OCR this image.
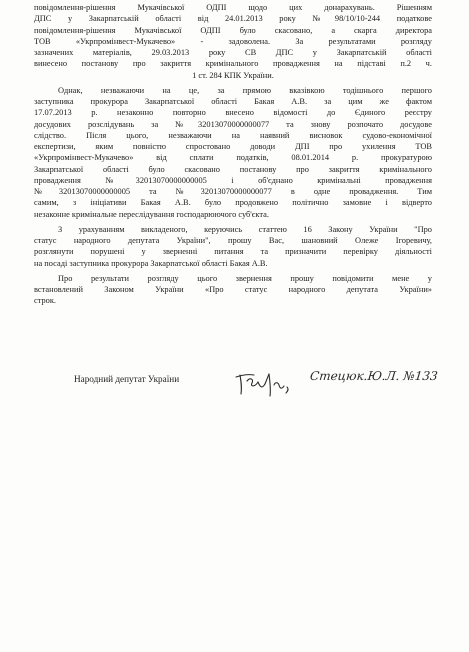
повідомлення-рішення Мукачівської ОДПІ щодо цих донарахувань. Рішенням
ДПС у Закарпатській області від 24.01.2013 року №98/10/10-244 податкове
повідомлення-рішення Мукачівської ОДПІ було скасовано, а скарга директора
ТОВ «Укрпромінвест-Мукачево» - задоволена. За результатами розгляду
зазначених матеріалів, 29.03.2013 року СВ ДПС у Закарпатській області
винесено постанову про закриття кримінального провадження на підставі п.2 ч.
1 ст. 284 КПК України.
Однак, незважаючи на це, за прямою вказівкою тодішнього першого
заступника прокурора Закарпатської області Бакая А.В. за цим же фактом
17.07.2013 р. незаконно повторно внесено відомості до Єдиного реєстру
досудових розслідувань за №32013070000000077 та знову розпочато досудове
слідство. Після цього, незважаючи на наявний висновок судово-економічної
експертизи, яким повністю спростовано доводи ДПІ про ухилення ТОВ
«Укрпромінвест-Мукачево» від сплати податків, 08.01.2014 р. прокуратурою
Закарпатської області було скасовано постанову про закриття кримінального
провадження №32013070000000005 і об'єднано кримінальні провадження
№32013070000000005 та №32013070000000077 в одне провадження. Тим
самим, з ініціативи Бакая А.В. було продовжено політично замовне і відверто
незаконне кримінальне переслідування господарюючого суб'єкта.
З урахуванням викладеного, керуючись статтею 16 Закону України "Про
статус народного депутата України", прошу Вас, шановний Олеже Ігоревичу,
розглянути порушені у зверненні питання та призначити перевірку діяльності
на посаді заступника прокурора Закарпатської області Бакая А.В.
Про результати розгляду цього звернення прошу повідомити мене у
встановлений Законом України «Про статус народного депутата України»
строк.
Народний депутат України	Стецюк.Ю.Л. №133
